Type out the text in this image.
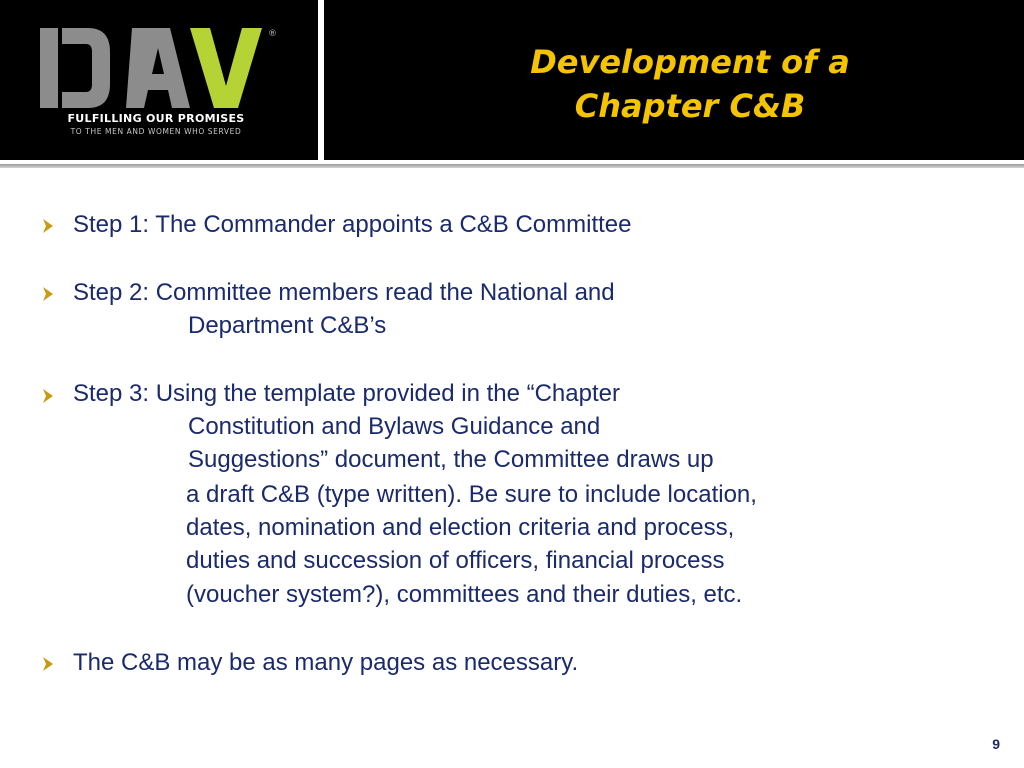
®
FULFILLING OUR PROMISES
TO THE MEN AND WOMEN WHO SERVED
Development of a
Chapter C&B
Step 1: The Commander appoints a C&B Committee
Step 2: Committee members read the National and
Department C&B’s
Step 3: Using the template provided in the “Chapter
Constitution and Bylaws Guidance and
Suggestions” document, the Committee draws up
a draft C&B (type written). Be sure to include location,
dates, nomination and election criteria and process,
duties and succession of officers, financial process
(voucher system?), committees and their duties, etc.
The C&B may be as many pages as necessary.
9
